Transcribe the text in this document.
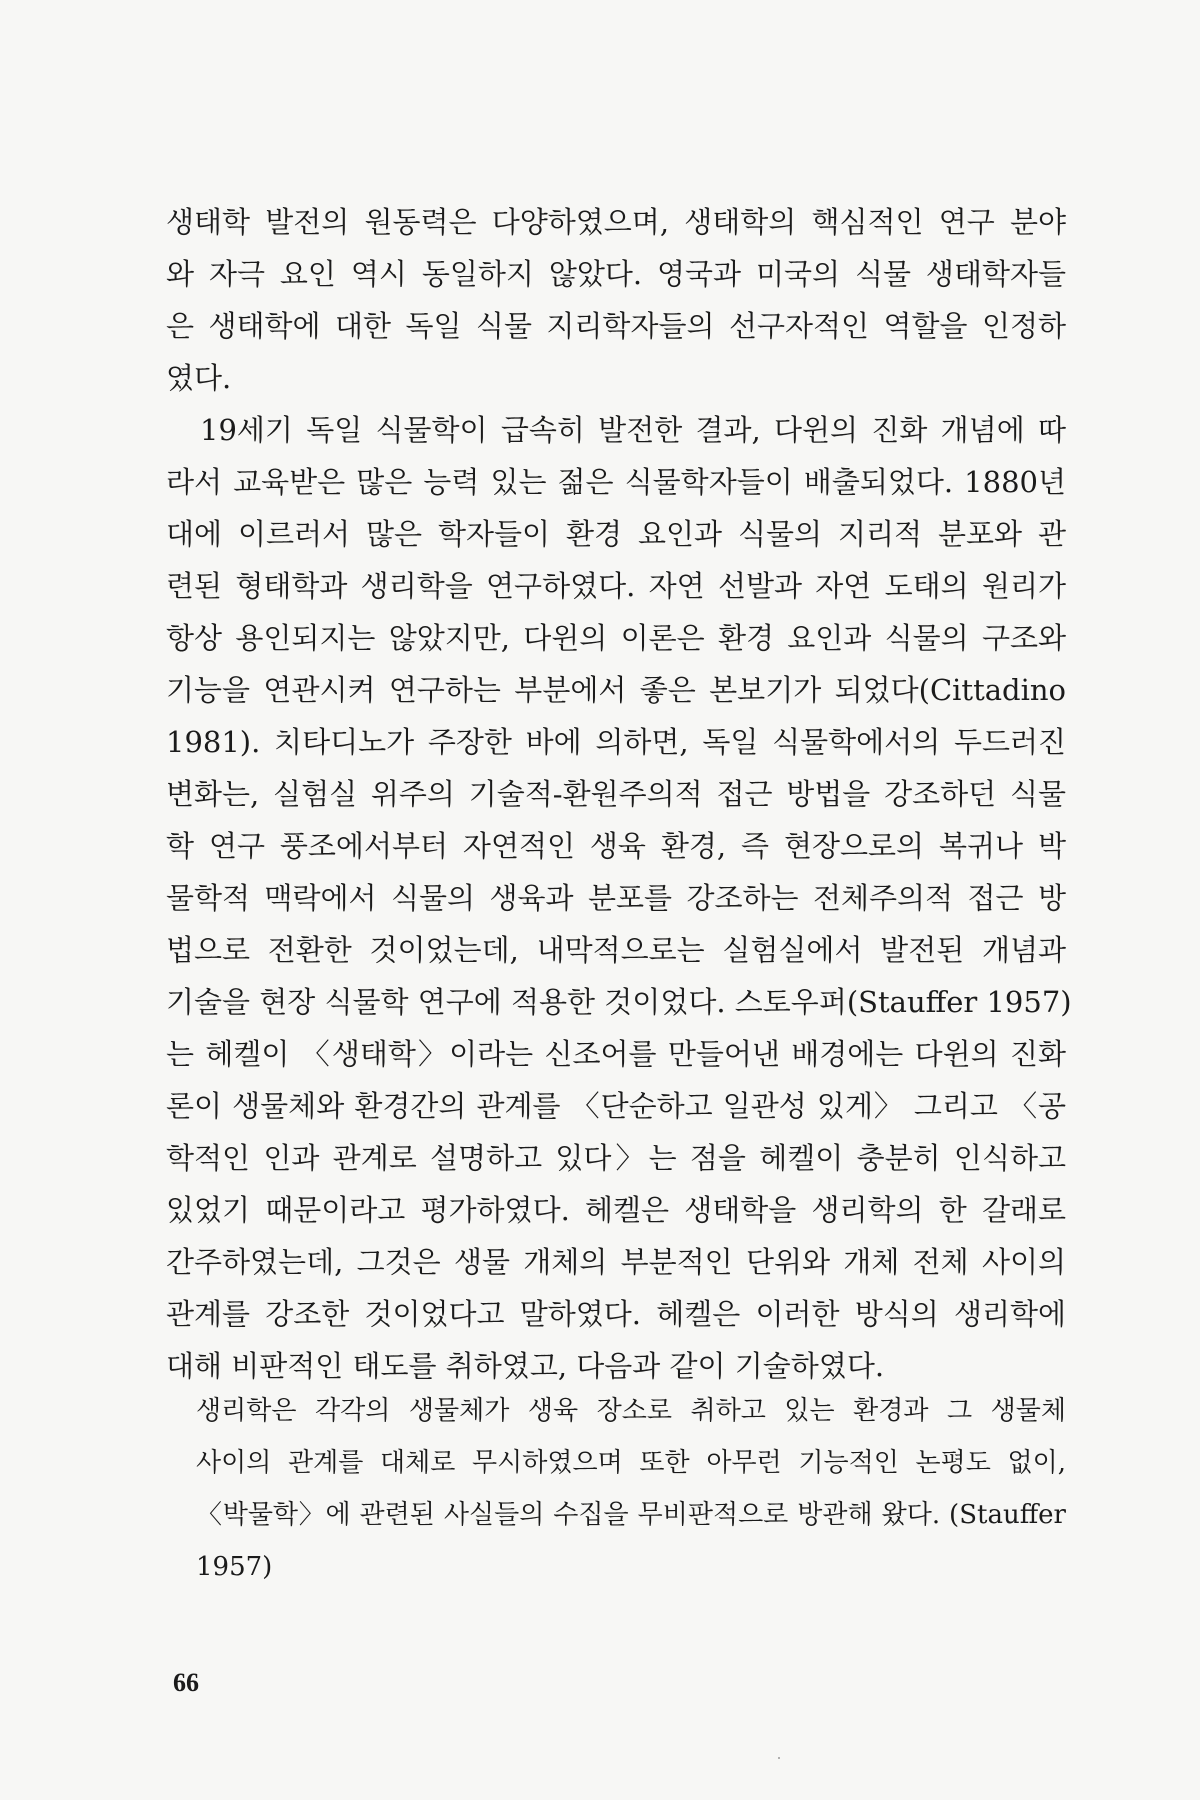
생태학 발전의 원동력은 다양하였으며, 생태학의 핵심적인 연구 분야
와 자극 요인 역시 동일하지 않았다. 영국과 미국의 식물 생태학자들
은 생태학에 대한 독일 식물 지리학자들의 선구자적인 역할을 인정하
였다.
19세기 독일 식물학이 급속히 발전한 결과, 다윈의 진화 개념에 따
라서 교육받은 많은 능력 있는 젊은 식물학자들이 배출되었다. 1880년
대에 이르러서 많은 학자들이 환경 요인과 식물의 지리적 분포와 관
련된 형태학과 생리학을 연구하였다. 자연 선발과 자연 도태의 원리가
항상 용인되지는 않았지만, 다윈의 이론은 환경 요인과 식물의 구조와
기능을 연관시켜 연구하는 부분에서 좋은 본보기가 되었다(Cittadino
1981). 치타디노가 주장한 바에 의하면, 독일 식물학에서의 두드러진
변화는, 실험실 위주의 기술적-환원주의적 접근 방법을 강조하던 식물
학 연구 풍조에서부터 자연적인 생육 환경, 즉 현장으로의 복귀나 박
물학적 맥락에서 식물의 생육과 분포를 강조하는 전체주의적 접근 방
법으로 전환한 것이었는데, 내막적으로는 실험실에서 발전된 개념과
기술을 현장 식물학 연구에 적용한 것이었다. 스토우퍼(Stauffer 1957)
는 헤켈이 〈생태학〉이라는 신조어를 만들어낸 배경에는 다윈의 진화
론이 생물체와 환경간의 관계를 〈단순하고 일관성 있게〉 그리고 〈공
학적인 인과 관계로 설명하고 있다〉는 점을 헤켈이 충분히 인식하고
있었기 때문이라고 평가하였다. 헤켈은 생태학을 생리학의 한 갈래로
간주하였는데, 그것은 생물 개체의 부분적인 단위와 개체 전체 사이의
관계를 강조한 것이었다고 말하였다. 헤켈은 이러한 방식의 생리학에
대해 비판적인 태도를 취하였고, 다음과 같이 기술하였다.
생리학은 각각의 생물체가 생육 장소로 취하고 있는 환경과 그 생물체
사이의 관계를 대체로 무시하였으며 또한 아무런 기능적인 논평도 없이,
〈박물학〉에 관련된 사실들의 수집을 무비판적으로 방관해 왔다. (Stauffer
1957)
66
